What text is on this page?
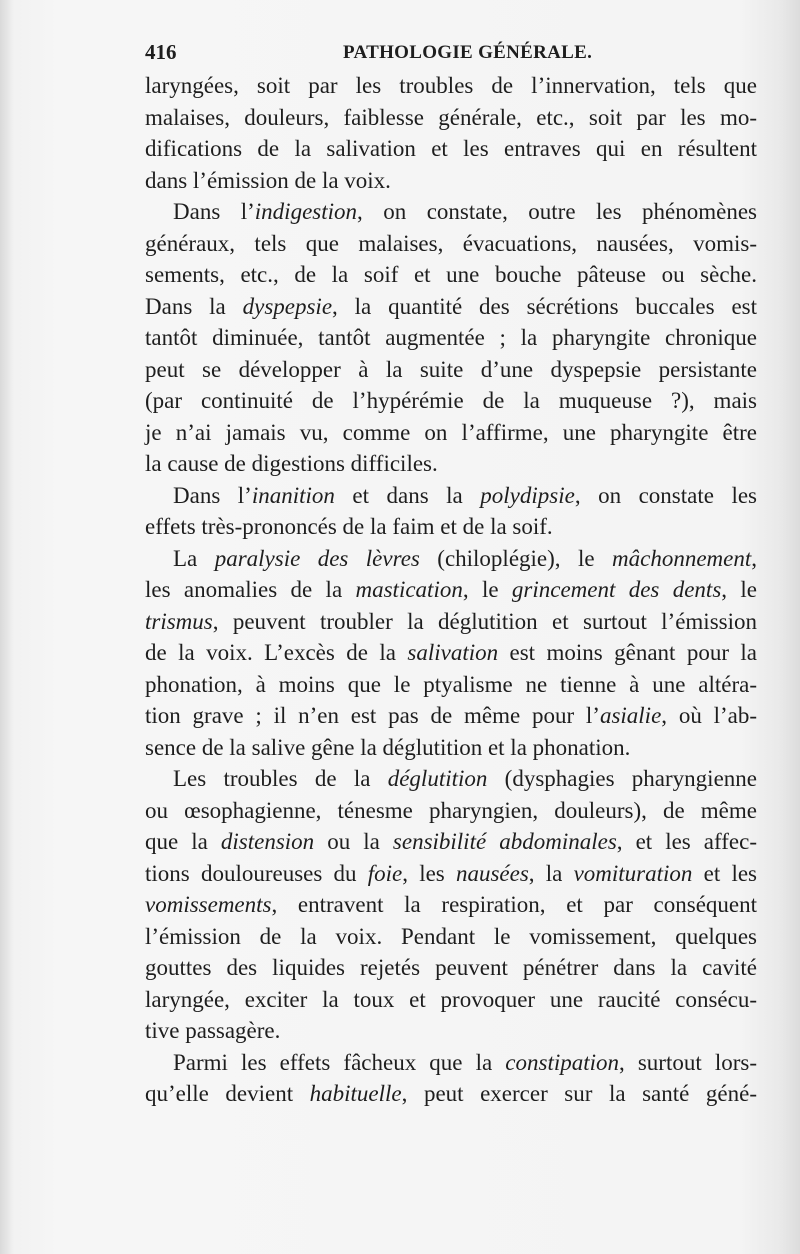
416	PATHOLOGIE GÉNÉRALE.
laryngées, soit par les troubles de l’innervation, tels que
malaises, douleurs, faiblesse générale, etc., soit par les mo-
difications de la salivation et les entraves qui en résultent
dans l’émission de la voix.
Dans l’indigestion, on constate, outre les phénomènes
généraux, tels que malaises, évacuations, nausées, vomis-
sements, etc., de la soif et une bouche pâteuse ou sèche.
Dans la dyspepsie, la quantité des sécrétions buccales est
tantôt diminuée, tantôt augmentée ; la pharyngite chronique
peut se développer à la suite d’une dyspepsie persistante
(par continuité de l’hypérémie de la muqueuse ?), mais
je n’ai jamais vu, comme on l’affirme, une pharyngite être
la cause de digestions difficiles.
Dans l’inanition et dans la polydipsie, on constate les
effets très-prononcés de la faim et de la soif.
La paralysie des lèvres (chiloplégie), le mâchonnement,
les anomalies de la mastication, le grincement des dents, le
trismus, peuvent troubler la déglutition et surtout l’émission
de la voix. L’excès de la salivation est moins gênant pour la
phonation, à moins que le ptyalisme ne tienne à une altéra-
tion grave ; il n’en est pas de même pour l’asialie, où l’ab-
sence de la salive gêne la déglutition et la phonation.
Les troubles de la déglutition (dysphagies pharyngienne
ou œsophagienne, ténesme pharyngien, douleurs), de même
que la distension ou la sensibilité abdominales, et les affec-
tions douloureuses du foie, les nausées, la vomituration et les
vomissements, entravent la respiration, et par conséquent
l’émission de la voix. Pendant le vomissement, quelques
gouttes des liquides rejetés peuvent pénétrer dans la cavité
laryngée, exciter la toux et provoquer une raucité consécu-
tive passagère.
Parmi les effets fâcheux que la constipation, surtout lors-
qu’elle devient habituelle, peut exercer sur la santé géné-
